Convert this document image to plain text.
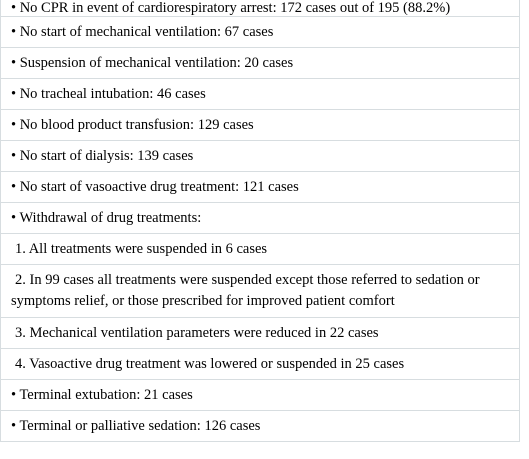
• No CPR in event of cardiorespiratory arrest: 172 cases out of 195 (88.2%)
• No start of mechanical ventilation: 67 cases
• Suspension of mechanical ventilation: 20 cases
• No tracheal intubation: 46 cases
• No blood product transfusion: 129 cases
• No start of dialysis: 139 cases
• No start of vasoactive drug treatment: 121 cases
• Withdrawal of drug treatments:
1. All treatments were suspended in 6 cases
2. In 99 cases all treatments were suspended except those referred to sedation or symptoms relief, or those prescribed for improved patient comfort
3. Mechanical ventilation parameters were reduced in 22 cases
4. Vasoactive drug treatment was lowered or suspended in 25 cases
• Terminal extubation: 21 cases
• Terminal or palliative sedation: 126 cases
